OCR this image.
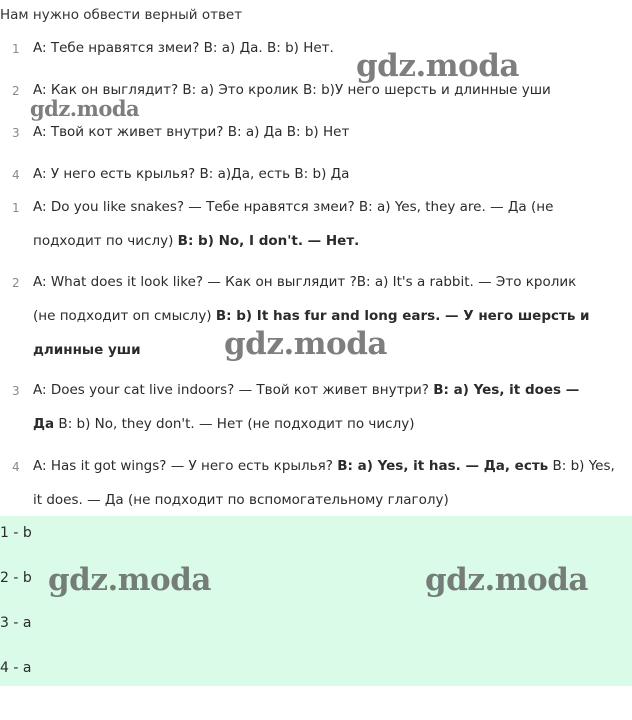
Нам нужно обвести верный ответ
1 A: Тебе нравятся змеи? B: a) Да. B: b) Нет.
2 A: Как он выглядит? B: a) Это кролик B: b)У него шерсть и длинные уши
3 A: Твой кот живет внутри? B: a) Да B: b) Нет
4 A: У него есть крылья? B: a)Да, есть B: b) Да
1 A: Do you like snakes? — Тебе нравятся змеи? B: a) Yes, they are. — Да (не
подходит по числу) B: b) No, I don't. — Нет.
2 A: What does it look like? — Как он выглядит ?B: a) It's a rabbit. — Это кролик
(не подходит оп смыслу) B: b) It has fur and long ears. — У него шерсть и
длинные уши
3 A: Does your cat live indoors? — Твой кот живет внутри? B: a) Yes, it does —
Да B: b) No, they don't. — Нет (не подходит по числу)
4 A: Has it got wings? — У него есть крылья? B: a) Yes, it has. — Да, есть B: b) Yes,
it does. — Да (не подходит по вспомогательному глаголу)
1 - b
2 - b
3 - a
4 - a
gdz.moda
gdz.moda
gdz.moda
gdz.moda	gdz.moda
